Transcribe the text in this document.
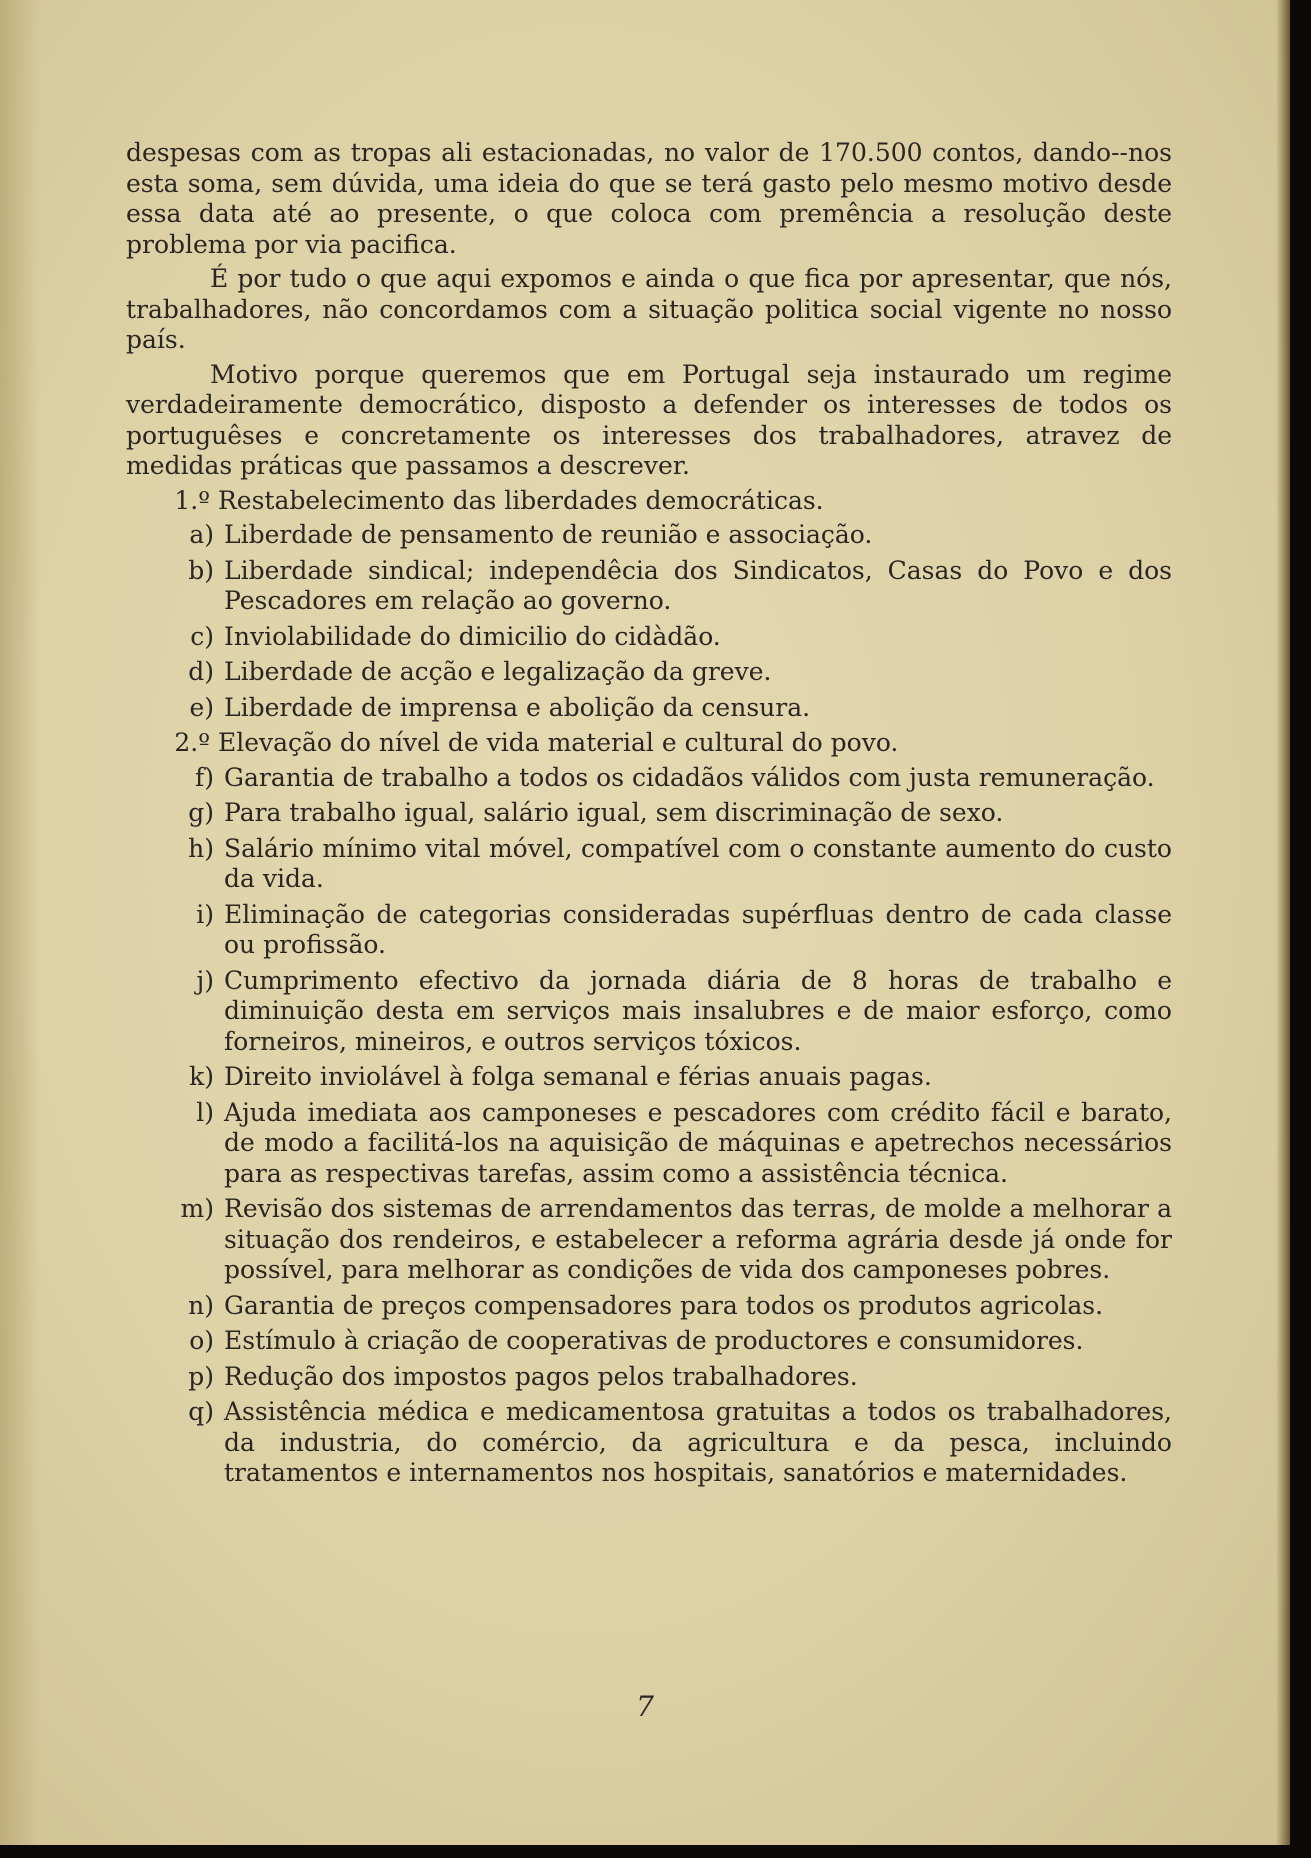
despesas com as tropas ali estacionadas, no valor de 170.500 contos, dando--nos esta soma, sem dúvida, uma ideia do que se terá gasto pelo mesmo motivo desde essa data até ao presente, o que coloca com premência a resolução deste problema por via pacifica.

É por tudo o que aqui expomos e ainda o que fica por apresentar, que nós, trabalhadores, não concordamos com a situação politica social vigente no nosso país.

Motivo porque queremos que em Portugal seja instaurado um regime verdadeiramente democrático, disposto a defender os interesses de todos os portuguêses e concretamente os interesses dos trabalhadores, atravez de medidas práticas que passamos a descrever.

1.º Restabelecimento das liberdades democráticas.
a) Liberdade de pensamento de reunião e associação.
b) Liberdade sindical; independêcia dos Sindicatos, Casas do Povo e dos Pescadores em relação ao governo.
c) Inviolabilidade do dimicilio do cidàdão.
d) Liberdade de acção e legalização da greve.
e) Liberdade de imprensa e abolição da censura.
2.º Elevação do nível de vida material e cultural do povo.
f) Garantia de trabalho a todos os cidadãos válidos com justa remuneração.
g) Para trabalho igual, salário igual, sem discriminação de sexo.
h) Salário mínimo vital móvel, compatível com o constante aumento do custo da vida.
i) Eliminação de categorias consideradas supérfluas dentro de cada classe ou profissão.
j) Cumprimento efectivo da jornada diária de 8 horas de trabalho e diminuição desta em serviços mais insalubres e de maior esforço, como forneiros, mineiros, e outros serviços tóxicos.
k) Direito inviolável à folga semanal e férias anuais pagas.
l) Ajuda imediata aos camponeses e pescadores com crédito fácil e barato, de modo a facilitá-los na aquisição de máquinas e apetrechos necessários para as respectivas tarefas, assim como a assistência técnica.
m) Revisão dos sistemas de arrendamentos das terras, de molde a melhorar a situação dos rendeiros, e estabelecer a reforma agrária desde já onde for possível, para melhorar as condições de vida dos camponeses pobres.
n) Garantia de preços compensadores para todos os produtos agricolas.
o) Estímulo à criação de cooperativas de productores e consumidores.
p) Redução dos impostos pagos pelos trabalhadores.
q) Assistência médica e medicamentosa gratuitas a todos os trabalhadores, da industria, do comércio, da agricultura e da pesca, incluindo tratamentos e internamentos nos hospitais, sanatórios e maternidades.
7
